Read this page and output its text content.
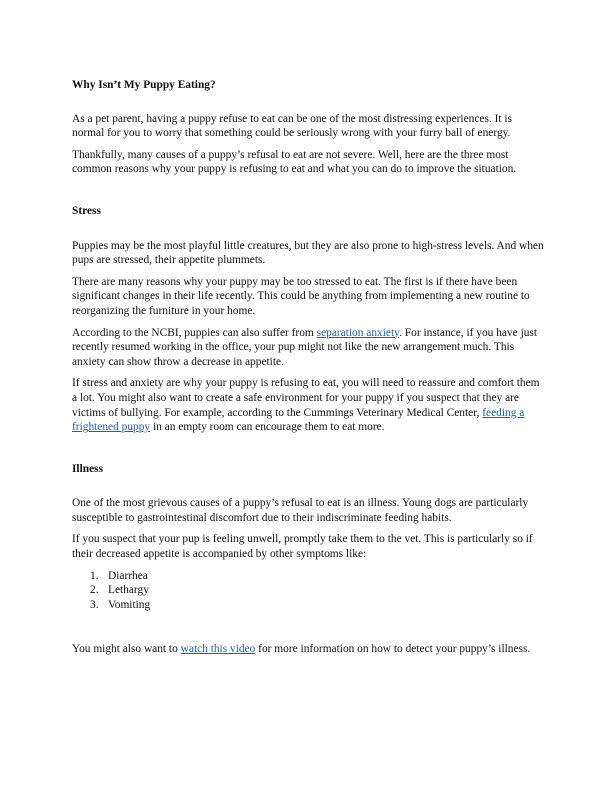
Why Isn’t My Puppy Eating?

As a pet parent, having a puppy refuse to eat can be one of the most distressing experiences. It is normal for you to worry that something could be seriously wrong with your furry ball of energy.

Thankfully, many causes of a puppy’s refusal to eat are not severe. Well, here are the three most common reasons why your puppy is refusing to eat and what you can do to improve the situation.

Stress

Puppies may be the most playful little creatures, but they are also prone to high-stress levels. And when pups are stressed, their appetite plummets.

There are many reasons why your puppy may be too stressed to eat. The first is if there have been significant changes in their life recently. This could be anything from implementing a new routine to reorganizing the furniture in your home.

According to the NCBI, puppies can also suffer from separation anxiety. For instance, if you have just recently resumed working in the office, your pup might not like the new arrangement much. This anxiety can show throw a decrease in appetite.

If stress and anxiety are why your puppy is refusing to eat, you will need to reassure and comfort them a lot. You might also want to create a safe environment for your puppy if you suspect that they are victims of bullying. For example, according to the Cummings Veterinary Medical Center, feeding a frightened puppy in an empty room can encourage them to eat more.

Illness

One of the most grievous causes of a puppy’s refusal to eat is an illness. Young dogs are particularly susceptible to gastrointestinal discomfort due to their indiscriminate feeding habits.

If you suspect that your pup is feeling unwell, promptly take them to the vet. This is particularly so if their decreased appetite is accompanied by other symptoms like:

1. Diarrhea
2. Lethargy
3. Vomiting

You might also want to watch this video for more information on how to detect your puppy’s illness.
